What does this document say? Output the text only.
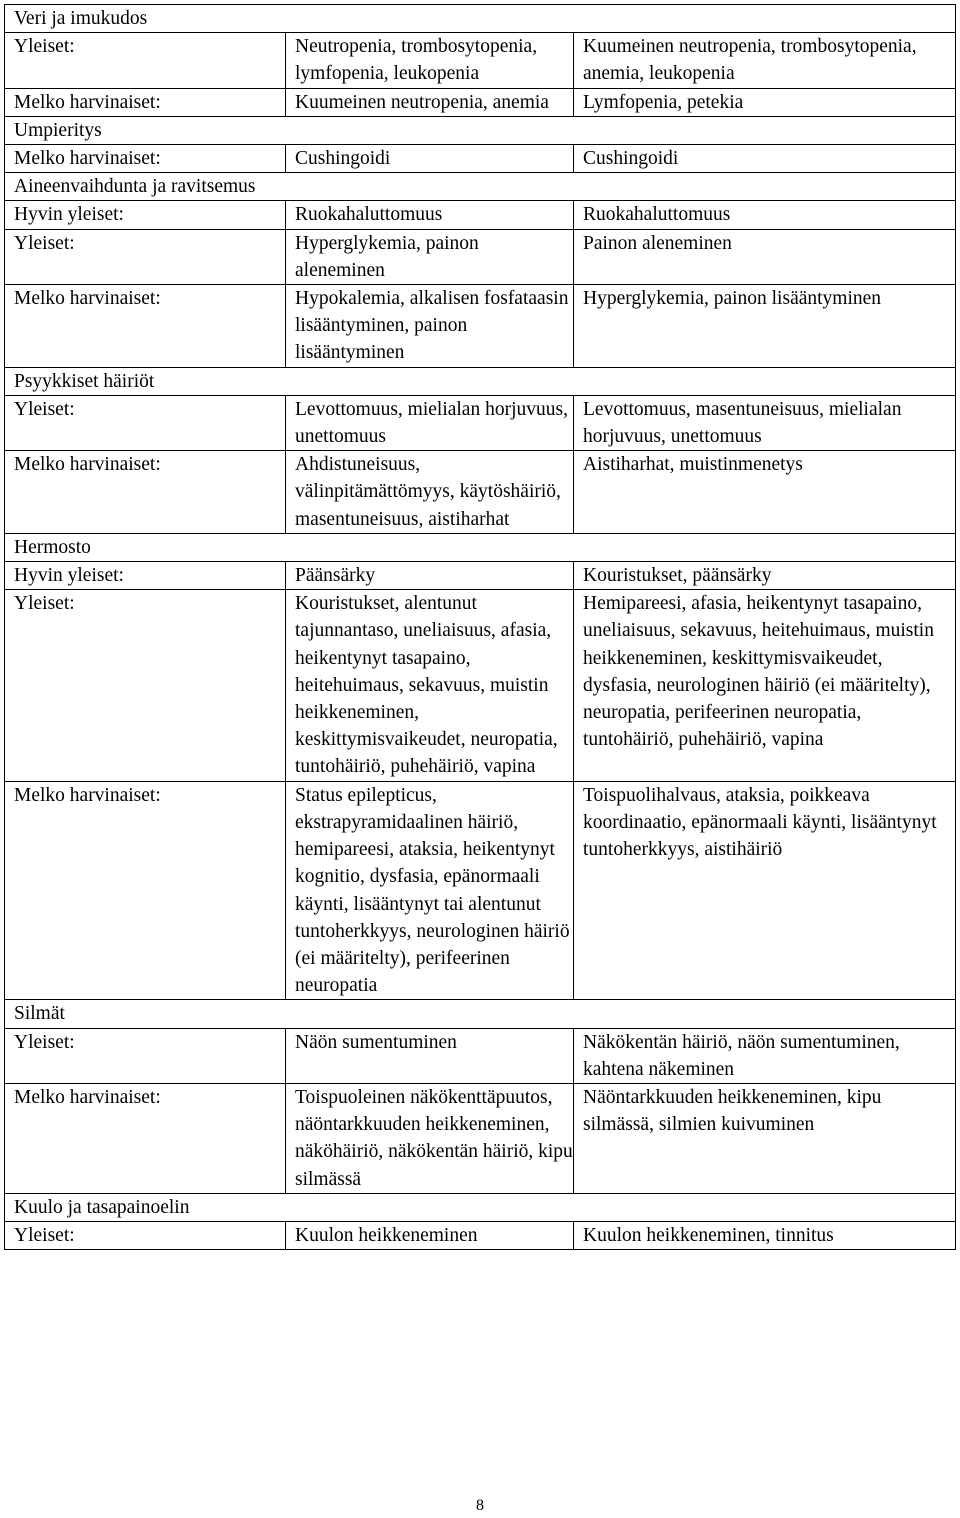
Veri ja imukudos		
Yleiset:	Neutropenia, trombosytopenia, lymfopenia, leukopenia	Kuumeinen neutropenia, trombosytopenia, anemia, leukopenia
Melko harvinaiset:	Kuumeinen neutropenia, anemia	Lymfopenia, petekia
Umpieritys		
Melko harvinaiset:	Cushingoidi	Cushingoidi
Aineenvaihdunta ja ravitsemus		
Hyvin yleiset:	Ruokahaluttomuus	Ruokahaluttomuus
Yleiset:	Hyperglykemia, painon aleneminen	Painon aleneminen
Melko harvinaiset:	Hypokalemia, alkalisen fosfataasin lisääntyminen, painon lisääntyminen	Hyperglykemia, painon lisääntyminen
Psyykkiset häiriöt		
Yleiset:	Levottomuus, mielialan horjuvuus, unettomuus	Levottomuus, masentuneisuus, mielialan horjuvuus, unettomuus
Melko harvinaiset:	Ahdistuneisuus, välinpitämättömyys, käytöshäiriö, masentuneisuus, aistiharhat	Aistiharhat, muistinmenetys
Hermosto		
Hyvin yleiset:	Päänsärky	Kouristukset, päänsärky
Yleiset:	Kouristukset, alentunut tajunnantaso, uneliaisuus, afasia, heikentynyt tasapaino, heitehuimaus, sekavuus, muistin heikkeneminen, keskittymisvaikeudet, neuropatia, tuntohäiriö, puhehäiriö, vapina	Hemipareesi, afasia, heikentynyt tasapaino, uneliaisuus, sekavuus, heitehuimaus, muistin heikkeneminen, keskittymisvaikeudet, dysfasia, neurologinen häiriö (ei määritelty), neuropatia, perifeerinen neuropatia, tuntohäiriö, puhehäiriö, vapina
Melko harvinaiset:	Status epilepticus, ekstrapyramidaalinen häiriö, hemipareesi, ataksia, heikentynyt kognitio, dysfasia, epänormaali käynti, lisääntynyt tai alentunut tuntoherkkyys, neurologinen häiriö (ei määritelty), perifeerinen neuropatia	Toispuolihalvaus, ataksia, poikkeava koordinaatio, epänormaali käynti, lisääntynyt tuntoherkkyys, aistihäiriö
Silmät		
Yleiset:	Näön sumentuminen	Näkökentän häiriö, näön sumentuminen, kahtena näkeminen
Melko harvinaiset:	Toispuoleinen näkökenttäpuutos, näöntarkkuuden heikkeneminen, näköhäiriö, näkökentän häiriö, kipu silmässä	Näöntarkkuuden heikkeneminen, kipu silmässä, silmien kuivuminen
Kuulo ja tasapainoelin		
Yleiset:	Kuulon heikkeneminen	Kuulon heikkeneminen, tinnitus
8
